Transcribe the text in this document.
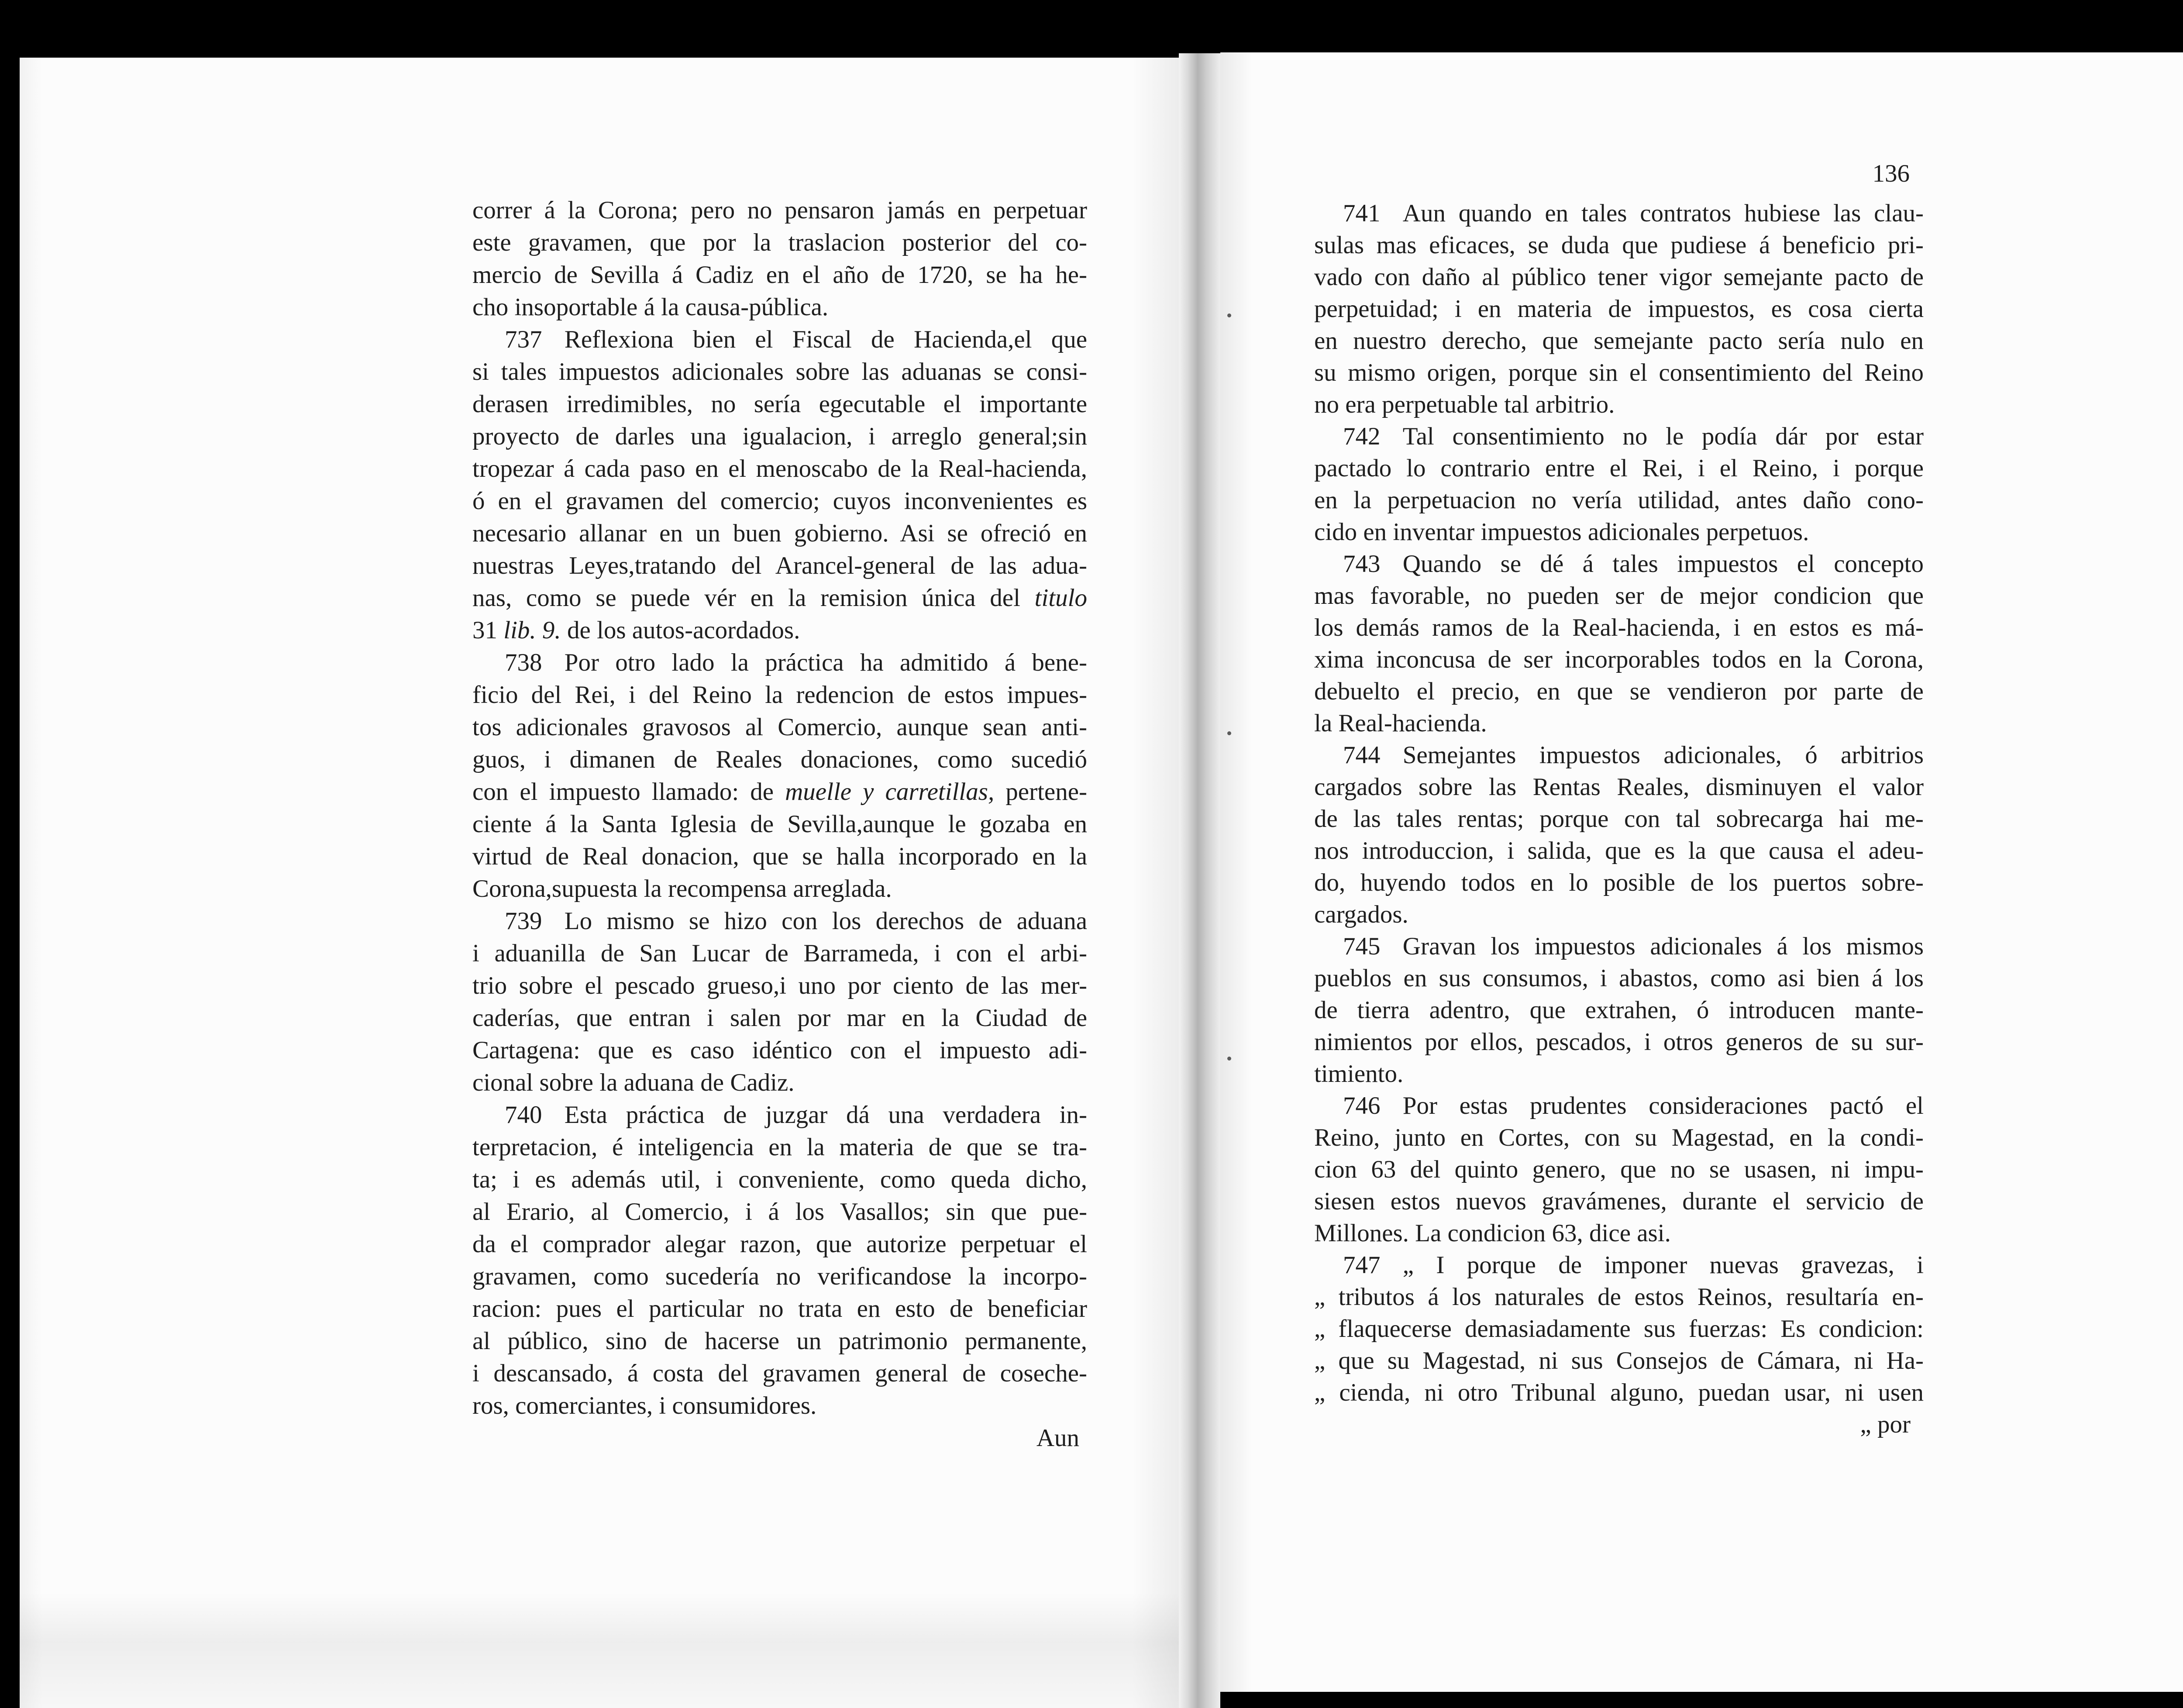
correr á la Corona; pero no pensaron jamás en perpetuar
este gravamen, que por la traslacion posterior del co-
mercio de Sevilla á Cadiz en el año de 1720, se ha he-
cho insoportable á la causa-pública.
737 Reflexiona bien el Fiscal de Hacienda,el que
si tales impuestos adicionales sobre las aduanas se consi-
derasen irredimibles, no sería egecutable el importante
proyecto de darles una igualacion, i arreglo general;sin
tropezar á cada paso en el menoscabo de la Real-hacienda,
ó en el gravamen del comercio; cuyos inconvenientes es
necesario allanar en un buen gobierno. Asi se ofreció en
nuestras Leyes,tratando del Arancel-general de las adua-
nas, como se puede vér en la remision única del titulo
31 lib. 9. de los autos-acordados.
738 Por otro lado la práctica ha admitido á bene-
ficio del Rei, i del Reino la redencion de estos impues-
tos adicionales gravosos al Comercio, aunque sean anti-
guos, i dimanen de Reales donaciones, como sucedió
con el impuesto llamado: de muelle y carretillas, pertene-
ciente á la Santa Iglesia de Sevilla,aunque le gozaba en
virtud de Real donacion, que se halla incorporado en la
Corona,supuesta la recompensa arreglada.
739 Lo mismo se hizo con los derechos de aduana
i aduanilla de San Lucar de Barrameda, i con el arbi-
trio sobre el pescado grueso,i uno por ciento de las mer-
caderías, que entran i salen por mar en la Ciudad de
Cartagena: que es caso idéntico con el impuesto adi-
cional sobre la aduana de Cadiz.
740 Esta práctica de juzgar dá una verdadera in-
terpretacion, é inteligencia en la materia de que se tra-
ta; i es además util, i conveniente, como queda dicho,
al Erario, al Comercio, i á los Vasallos; sin que pue-
da el comprador alegar razon, que autorize perpetuar el
gravamen, como sucedería no verificandose la incorpo-
racion: pues el particular no trata en esto de beneficiar
al público, sino de hacerse un patrimonio permanente,
i descansado, á costa del gravamen general de coseche-
ros, comerciantes, i consumidores.
Aun
136
741 Aun quando en tales contratos hubiese las clau-
sulas mas eficaces, se duda que pudiese á beneficio pri-
vado con daño al público tener vigor semejante pacto de
perpetuidad; i en materia de impuestos, es cosa cierta
en nuestro derecho, que semejante pacto sería nulo en
su mismo origen, porque sin el consentimiento del Reino
no era perpetuable tal arbitrio.
742 Tal consentimiento no le podía dár por estar
pactado lo contrario entre el Rei, i el Reino, i porque
en la perpetuacion no vería utilidad, antes daño cono-
cido en inventar impuestos adicionales perpetuos.
743 Quando se dé á tales impuestos el concepto
mas favorable, no pueden ser de mejor condicion que
los demás ramos de la Real-hacienda, i en estos es má-
xima inconcusa de ser incorporables todos en la Corona,
debuelto el precio, en que se vendieron por parte de
la Real-hacienda.
744 Semejantes impuestos adicionales, ó arbitrios
cargados sobre las Rentas Reales, disminuyen el valor
de las tales rentas; porque con tal sobrecarga hai me-
nos introduccion, i salida, que es la que causa el adeu-
do, huyendo todos en lo posible de los puertos sobre-
cargados.
745 Gravan los impuestos adicionales á los mismos
pueblos en sus consumos, i abastos, como asi bien á los
de tierra adentro, que extrahen, ó introducen mante-
nimientos por ellos, pescados, i otros generos de su sur-
timiento.
746 Por estas prudentes consideraciones pactó el
Reino, junto en Cortes, con su Magestad, en la condi-
cion 63 del quinto genero, que no se usasen, ni impu-
siesen estos nuevos gravámenes, durante el servicio de
Millones. La condicion 63, dice asi.
747 „ I porque de imponer nuevas gravezas, i
„ tributos á los naturales de estos Reinos, resultaría en-
„ flaquecerse demasiadamente sus fuerzas: Es condicion:
„ que su Magestad, ni sus Consejos de Cámara, ni Ha-
„ cienda, ni otro Tribunal alguno, puedan usar, ni usen
„ por
